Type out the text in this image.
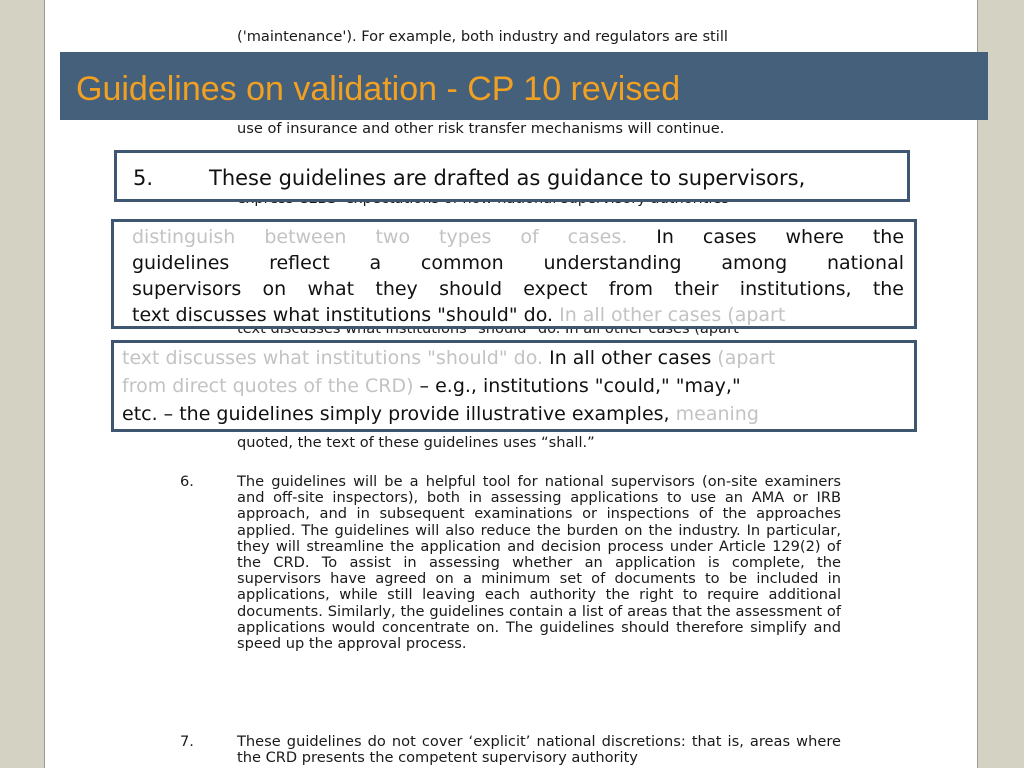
('maintenance'). For example, both industry and regulators are still
use of insurance and other risk transfer mechanisms will continue.
quoted, the text of these guidelines uses “shall.”
6.	The guidelines will be a helpful tool for national supervisors (on-site examiners and off-site inspectors), both in assessing applications to use an AMA or IRB approach, and in subsequent examinations or inspections of the approaches applied. The guidelines will also reduce the burden on the industry. In particular, they will streamline the application and decision process under Article 129(2) of the CRD. To assist in assessing whether an application is complete, the supervisors have agreed on a minimum set of documents to be included in applications, while still leaving each authority the right to require additional documents. Similarly, the guidelines contain a list of areas that the assessment of applications would concentrate on. The guidelines should therefore simplify and speed up the approval process.
7.	These guidelines do not cover ‘explicit’ national discretions: that is, areas where the CRD presents the competent supervisory authority
Guidelines on validation - CP 10 revised
5.	These guidelines are drafted as guidance to supervisors,
distinguish between two types of cases. In cases where the
guidelines reflect a common understanding among national
supervisors on what they should expect from their institutions, the
text discusses what institutions "should" do. In all other cases (apart
text discusses what institutions "should" do. In all other cases (apart
from direct quotes of the CRD) – e.g., institutions "could," "may,"
etc. – the guidelines simply provide illustrative examples, meaning
